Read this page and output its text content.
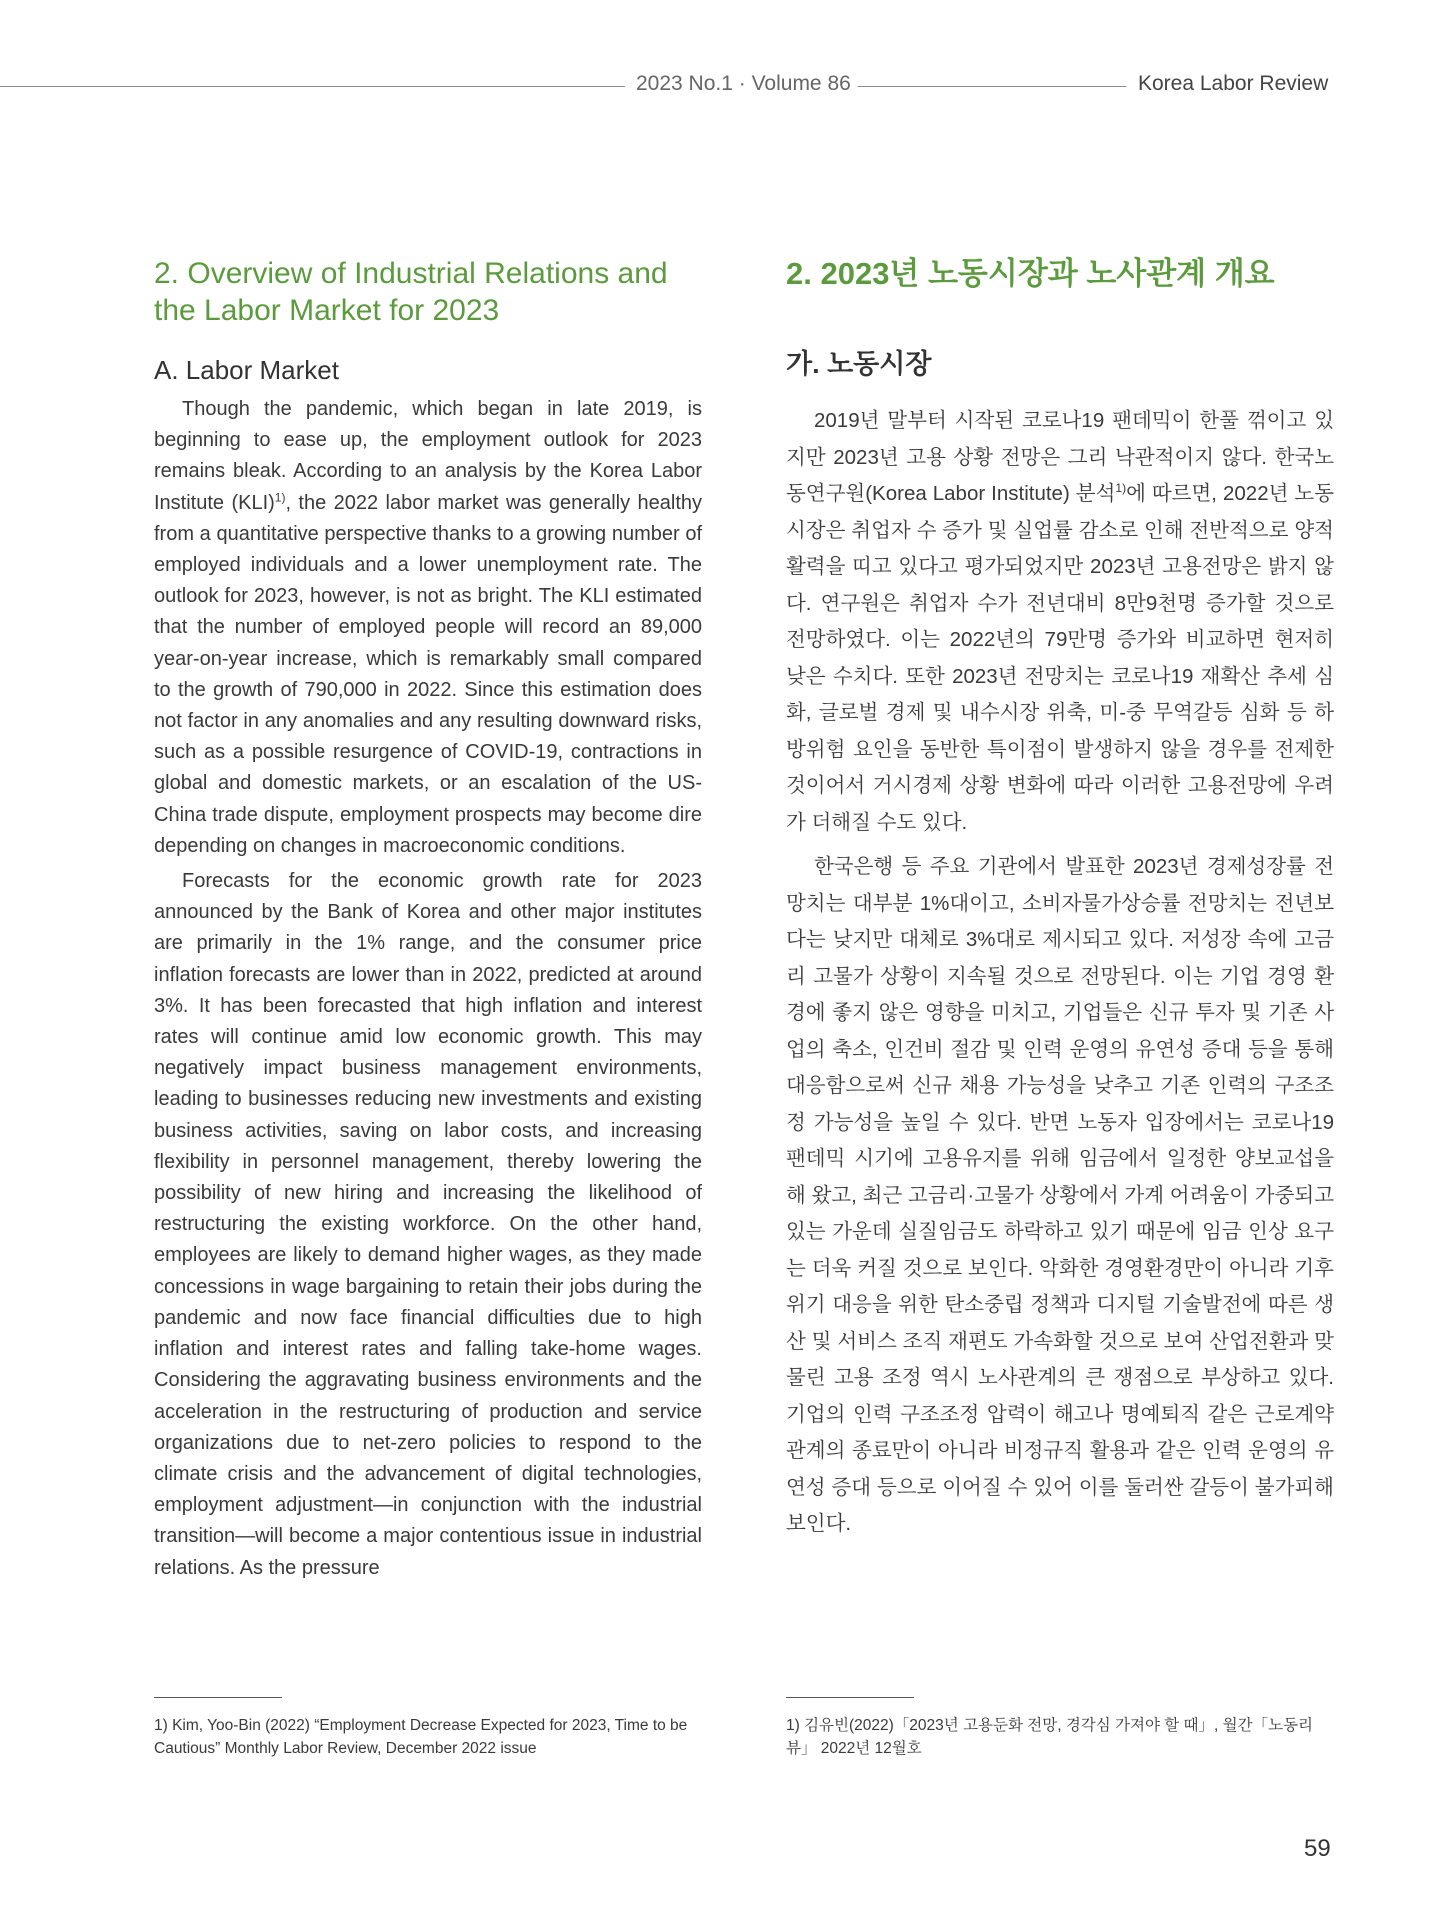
2023 No.1 · Volume 86	Korea Labor Review
2. Overview of Industrial Relations and the Labor Market for 2023
A. Labor Market

Though the pandemic, which began in late 2019, is beginning to ease up, the employment outlook for 2023 remains bleak. According to an analysis by the Korea Labor Institute (KLI)$^{1)}$, the 2022 labor market was generally healthy from a quantitative perspective thanks to a growing number of employed individuals and a lower unemployment rate. The outlook for 2023, however, is not as bright. The KLI estimated that the number of employed people will record an 89,000 year-on-year increase, which is remarkably small compared to the growth of 790,000 in 2022. Since this estimation does not factor in any anomalies and any resulting downward risks, such as a possible resurgence of COVID-19, contractions in global and domestic markets, or an escalation of the US-China trade dispute, employment prospects may become dire depending on changes in macroeconomic conditions.

Forecasts for the economic growth rate for 2023 announced by the Bank of Korea and other major institutes are primarily in the 1% range, and the consumer price inflation forecasts are lower than in 2022, predicted at around 3%. It has been forecasted that high inflation and interest rates will continue amid low economic growth. This may negatively impact business management environments, leading to businesses reducing new investments and existing business activities, saving on labor costs, and increasing flexibility in personnel management, thereby lowering the possibility of new hiring and increasing the likelihood of restructuring the existing workforce. On the other hand, employees are likely to demand higher wages, as they made concessions in wage bargaining to retain their jobs during the pandemic and now face financial difficulties due to high inflation and interest rates and falling take-home wages. Considering the aggravating business environments and the acceleration in the restructuring of production and service organizations due to net-zero policies to respond to the climate crisis and the advancement of digital technologies, employment adjustment—in conjunction with the industrial transition—will become a major contentious issue in industrial relations. As the pressure

2. 2023년 노동시장과 노사관계 개요
가. 노동시장

2019년 말부터 시작된 코로나19 팬데믹이 한풀 꺾이고 있지만 2023년 고용 상황 전망은 그리 낙관적이지 않다. 한국노동연구원(Korea Labor Institute) 분석$^{1)}$에 따르면, 2022년 노동시장은 취업자 수 증가 및 실업률 감소로 인해 전반적으로 양적 활력을 띠고 있다고 평가되었지만 2023년 고용전망은 밝지 않다. 연구원은 취업자 수가 전년대비 8만9천명 증가할 것으로 전망하였다. 이는 2022년의 79만명 증가와 비교하면 현저히 낮은 수치다. 또한 2023년 전망치는 코로나19 재확산 추세 심화, 글로벌 경제 및 내수시장 위축, 미-중 무역갈등 심화 등 하방위험 요인을 동반한 특이점이 발생하지 않을 경우를 전제한 것이어서 거시경제 상황 변화에 따라 이러한 고용전망에 우려가 더해질 수도 있다.

한국은행 등 주요 기관에서 발표한 2023년 경제성장률 전망치는 대부분 1%대이고, 소비자물가상승률 전망치는 전년보다는 낮지만 대체로 3%대로 제시되고 있다. 저성장 속에 고금리 고물가 상황이 지속될 것으로 전망된다. 이는 기업 경영 환경에 좋지 않은 영향을 미치고, 기업들은 신규 투자 및 기존 사업의 축소, 인건비 절감 및 인력 운영의 유연성 증대 등을 통해 대응함으로써 신규 채용 가능성을 낮추고 기존 인력의 구조조정 가능성을 높일 수 있다. 반면 노동자 입장에서는 코로나19 팬데믹 시기에 고용유지를 위해 임금에서 일정한 양보교섭을 해 왔고, 최근 고금리·고물가 상황에서 가계 어려움이 가중되고 있는 가운데 실질임금도 하락하고 있기 때문에 임금 인상 요구는 더욱 커질 것으로 보인다. 악화한 경영환경만이 아니라 기후위기 대응을 위한 탄소중립 정책과 디지털 기술발전에 따른 생산 및 서비스 조직 재편도 가속화할 것으로 보여 산업전환과 맞물린 고용 조정 역시 노사관계의 큰 쟁점으로 부상하고 있다. 기업의 인력 구조조정 압력이 해고나 명예퇴직 같은 근로계약관계의 종료만이 아니라 비정규직 활용과 같은 인력 운영의 유연성 증대 등으로 이어질 수 있어 이를 둘러싼 갈등이 불가피해 보인다.

1) Kim, Yoo-Bin (2022) “Employment Decrease Expected for 2023, Time to be Cautious” Monthly Labor Review, December 2022 issue
1) 김유빈(2022)「2023년 고용둔화 전망, 경각심 가져야 할 때」, 월간「노동리뷰」 2022년 12월호
59
